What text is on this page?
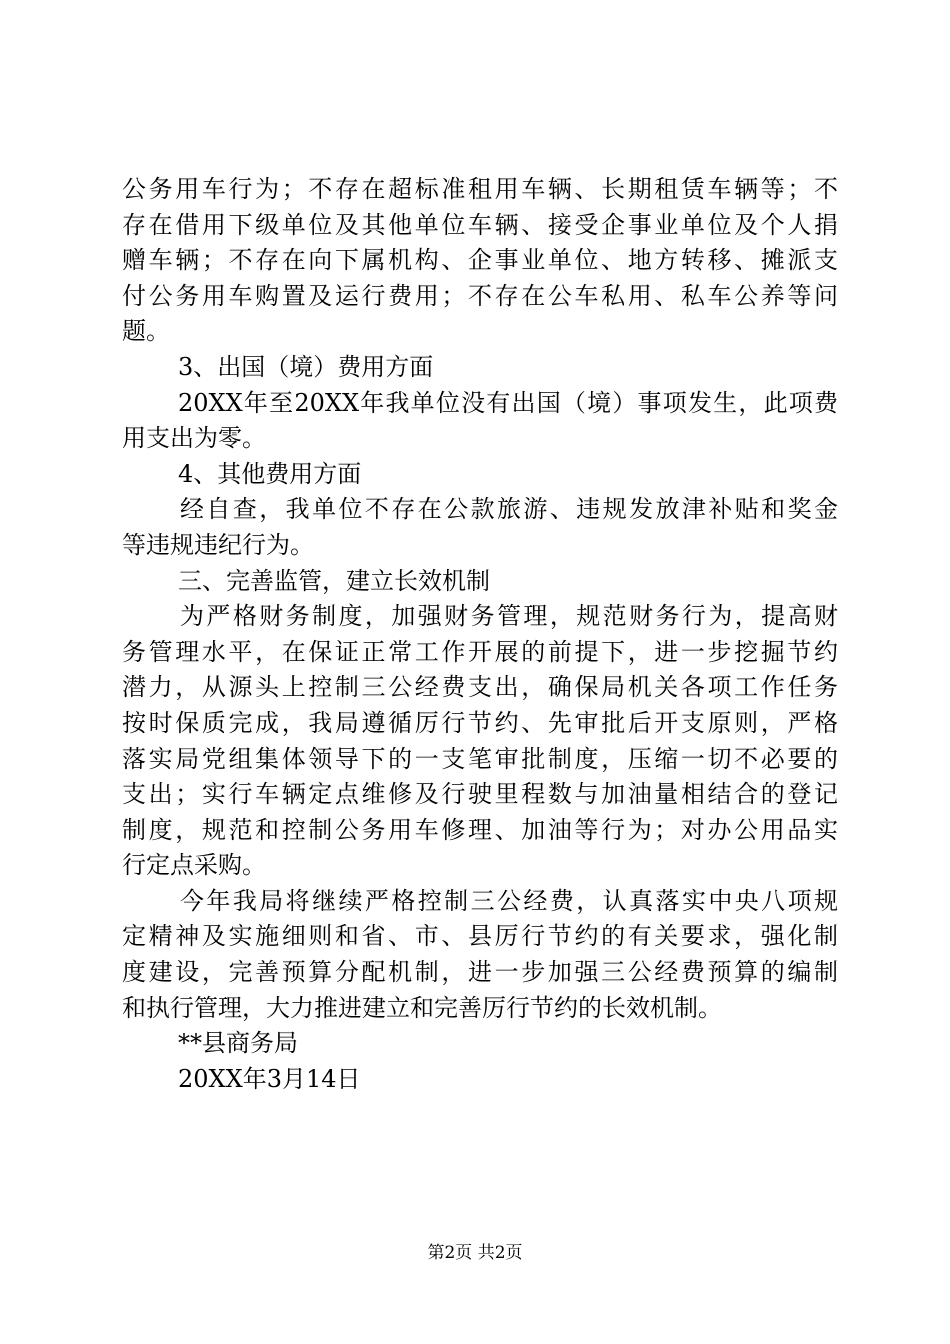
公务用车行为；不存在超标准租用车辆、长期租赁车辆等；不
存在借用下级单位及其他单位车辆、接受企事业单位及个人捐
赠车辆；不存在向下属机构、企事业单位、地方转移、摊派支
付公务用车购置及运行费用；不存在公车私用、私车公养等问
题。
3、出国（境）费用方面
20XX年至20XX年我单位没有出国（境）事项发生，此项费
用支出为零。
4、其他费用方面
经自查，我单位不存在公款旅游、违规发放津补贴和奖金
等违规违纪行为。
三、完善监管，建立长效机制
为严格财务制度，加强财务管理，规范财务行为，提高财
务管理水平，在保证正常工作开展的前提下，进一步挖掘节约
潜力，从源头上控制三公经费支出，确保局机关各项工作任务
按时保质完成，我局遵循厉行节约、先审批后开支原则，严格
落实局党组集体领导下的一支笔审批制度，压缩一切不必要的
支出；实行车辆定点维修及行驶里程数与加油量相结合的登记
制度，规范和控制公务用车修理、加油等行为；对办公用品实
行定点采购。
今年我局将继续严格控制三公经费，认真落实中央八项规
定精神及实施细则和省、市、县厉行节约的有关要求，强化制
度建设，完善预算分配机制，进一步加强三公经费预算的编制
和执行管理，大力推进建立和完善厉行节约的长效机制。
**县商务局
20XX年3月14日
第2页 共2页
